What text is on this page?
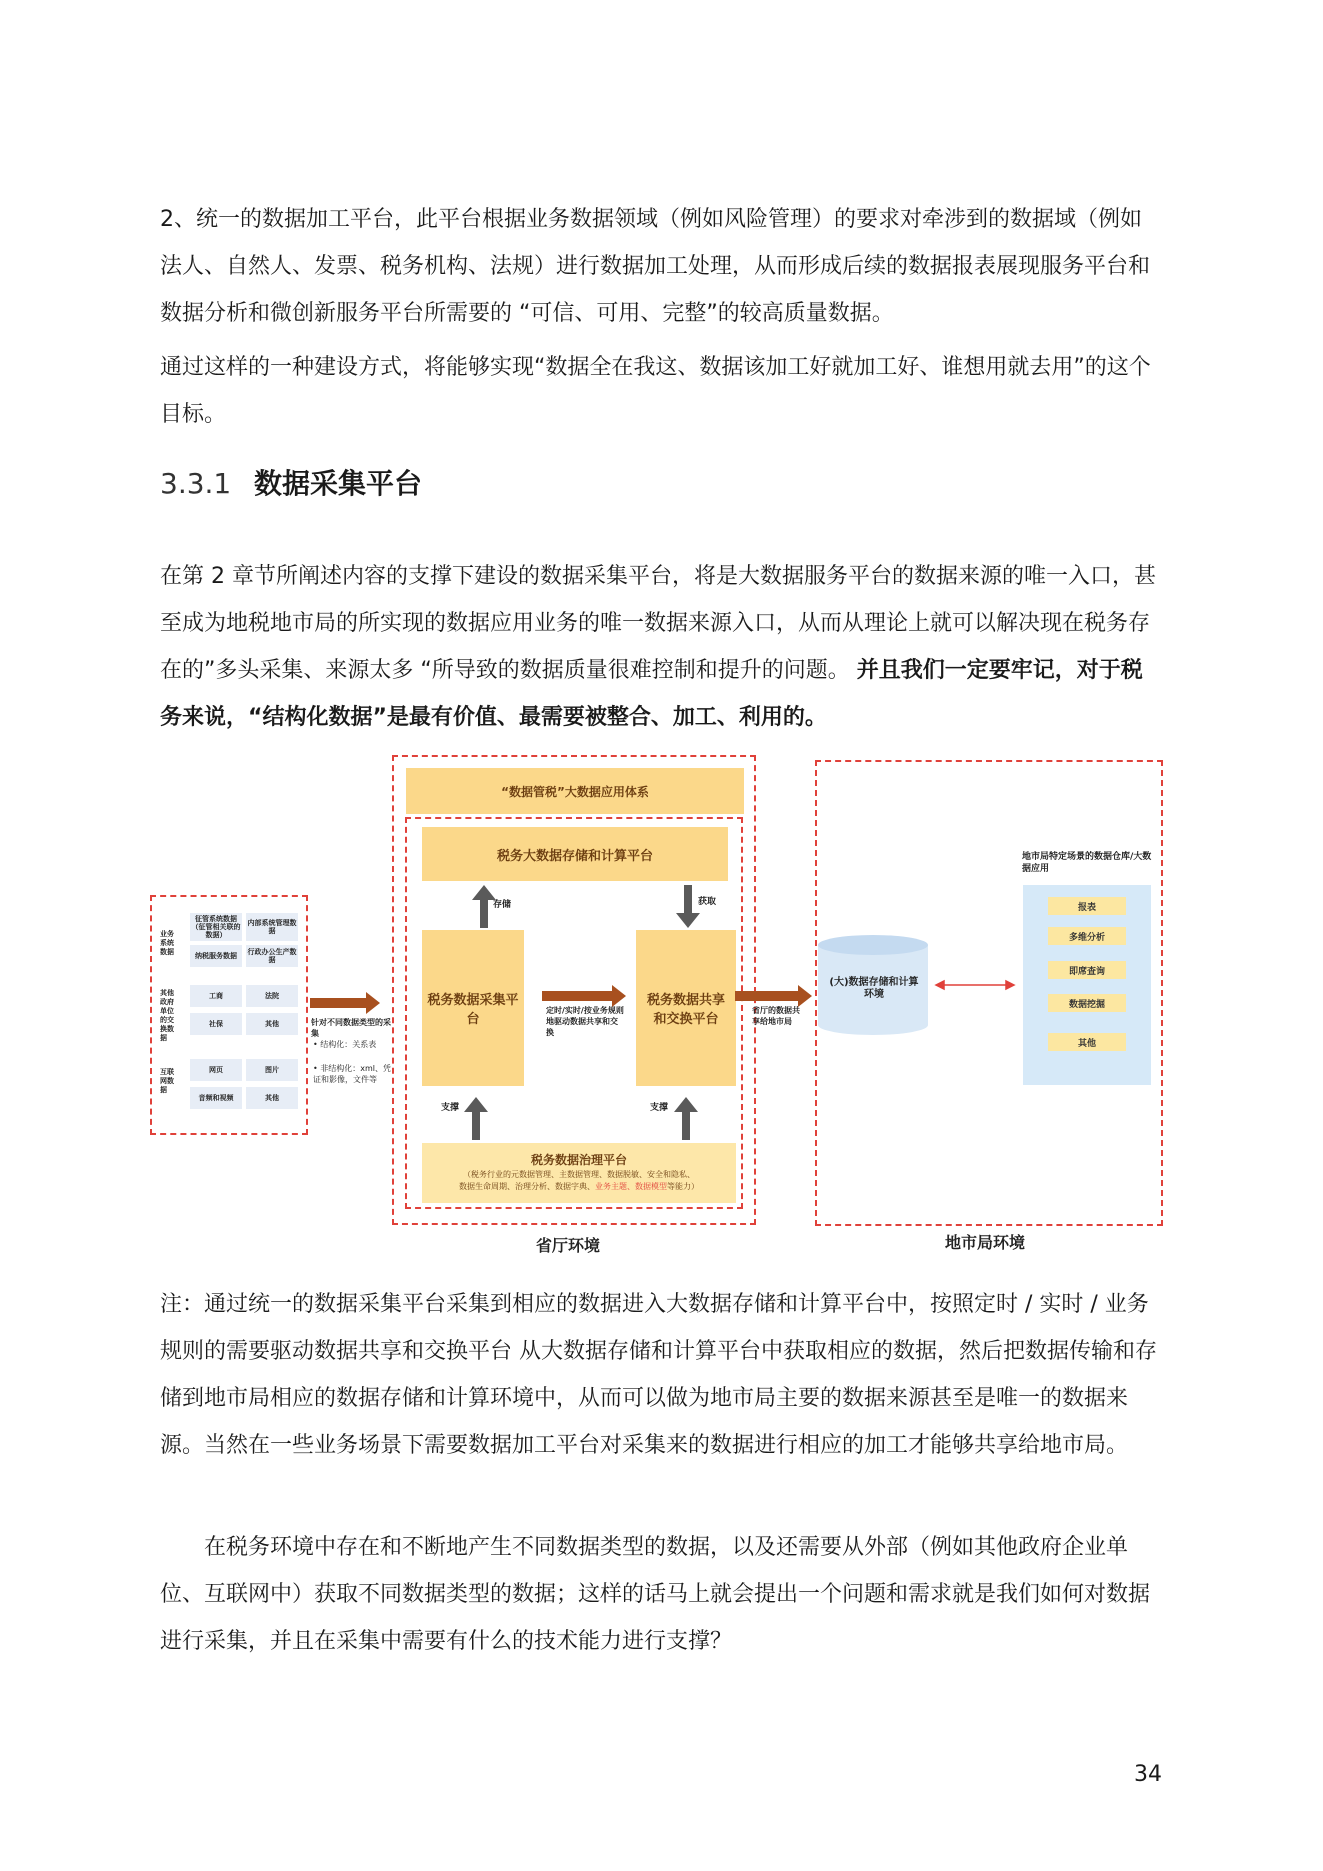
2、统一的数据加工平台，此平台根据业务数据领域（例如风险管理）的要求对牵涉到的数据域（例如法人、自然人、发票、税务机构、法规）进行数据加工处理，从而形成后续的数据报表展现服务平台和数据分析和微创新服务平台所需要的 “可信、可用、完整”的较高质量数据。

通过这样的一种建设方式，将能够实现“数据全在我这、数据该加工好就加工好、谁想用就去用”的这个目标。

3.3.1 数据采集平台

在第 2 章节所阐述内容的支撑下建设的数据采集平台，将是大数据服务平台的数据来源的唯一入口，甚至成为地税地市局的所实现的数据应用业务的唯一数据来源入口，从而从理论上就可以解决现在税务存在的”多头采集、来源太多 “所导致的数据质量很难控制和提升的问题。 并且我们一定要牢记，对于税务来说，“结构化数据”是最有价值、最需要被整合、加工、利用的。

业务系统数据
征管系统数据（征管相关联的数据）
内部系统管理数据
纳税服务数据	行政办公生产数据
其他政府单位的交换数据
工商	法院
社保	其他
互联网数据
网页	图片
音频和视频	其他
“数据管税”大数据应用体系
税务大数据存储和计算平台
税务数据采集平台
税务数据共享和交换平台
税务数据治理平台
（税务行业的元数据管理、主数据管理、数据脱敏、安全和隐私、
数据生命周期、治理分析、数据字典、业务主题、数据模型等能力）
存储	获取
支撑	支撑
定时/实时/按业务规则地驱动数据共享和交换
省厅的数据共享给地市局
针对不同数据类型的采集
• 结构化：关系表
• 非结构化：xml、凭证和影像，文件等
(大)数据存储和计算环境
地市局特定场景的数据仓库/大数据应用
报表
多维分析
即席查询
数据挖掘
其他
省厅环境	地市局环境

注：通过统一的数据采集平台采集到相应的数据进入大数据存储和计算平台中，按照定时 / 实时 / 业务规则的需要驱动数据共享和交换平台 从大数据存储和计算平台中获取相应的数据，然后把数据传输和存储到地市局相应的数据存储和计算环境中，从而可以做为地市局主要的数据来源甚至是唯一的数据来源。当然在一些业务场景下需要数据加工平台对采集来的数据进行相应的加工才能够共享给地市局。

在税务环境中存在和不断地产生不同数据类型的数据，以及还需要从外部（例如其他政府企业单位、互联网中）获取不同数据类型的数据；这样的话马上就会提出一个问题和需求就是我们如何对数据进行采集，并且在采集中需要有什么的技术能力进行支撑？

34
